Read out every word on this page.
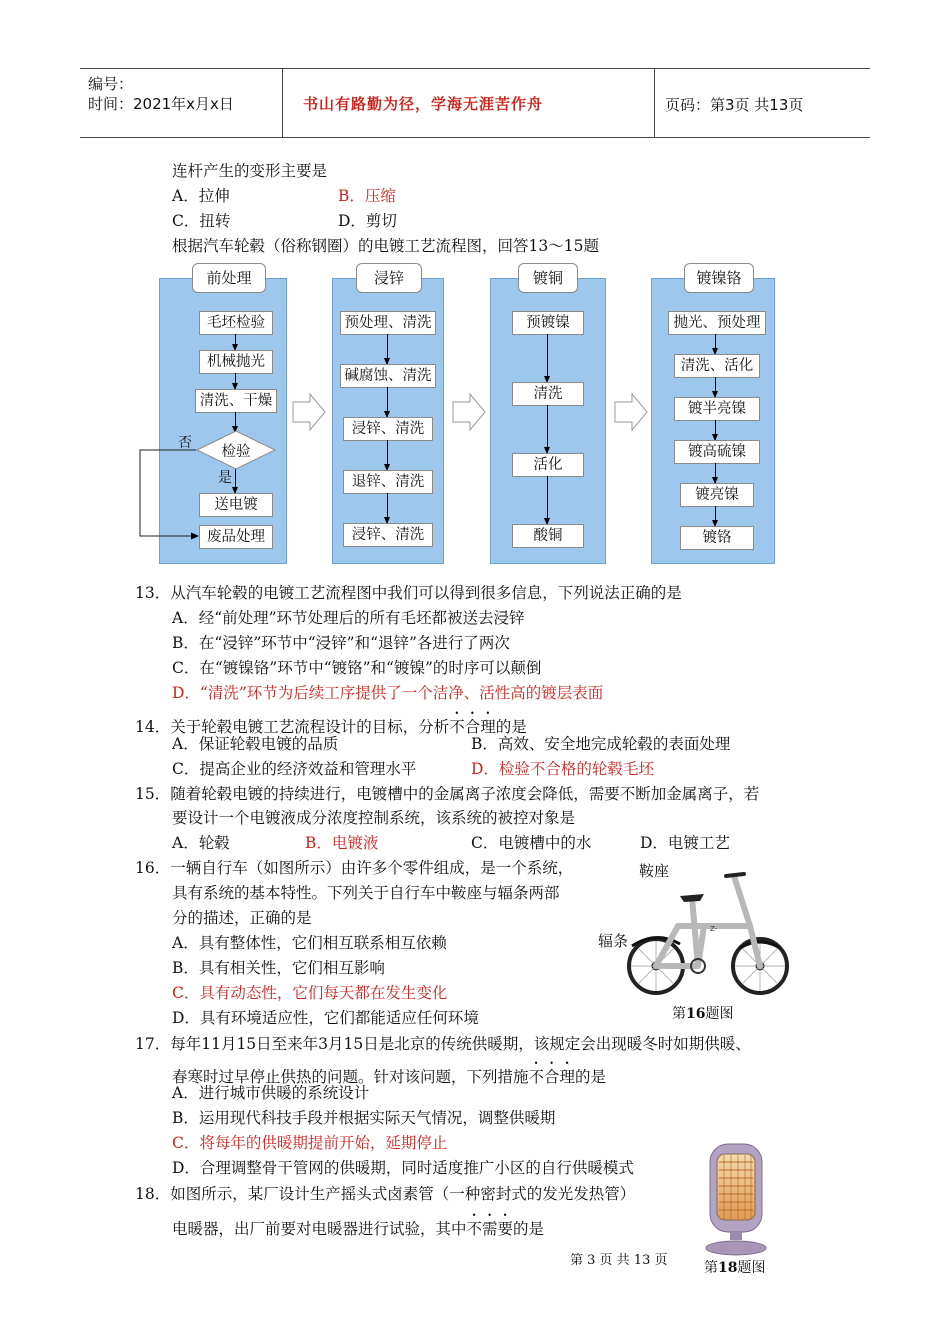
编号：
时间：2021年x月x日	书山有路勤为径，学海无涯苦作舟	页码：第3页 共13页
连杆产生的变形主要是
A．拉伸	B．压缩
C．扭转	D．剪切
根据汽车轮毂（俗称钢圈）的电镀工艺流程图，回答13～15题
前处理
毛坯检验
机械抛光
清洗、干燥
检验
是
否
送电镀
废品处理
浸锌
预处理、清洗
碱腐蚀、清洗
浸锌、清洗
退锌、清洗
浸锌、清洗
镀铜
预镀镍
清洗
活化
酸铜
镀镍铬
抛光、预处理
清洗、活化
镀半亮镍
镀高硫镍
镀亮镍
镀铬
13．从汽车轮毂的电镀工艺流程图中我们可以得到很多信息，下列说法正确的是
A．经“前处理”环节处理后的所有毛坯都被送去浸锌
B．在“浸锌”环节中“浸锌”和“退锌”各进行了两次
C．在“镀镍铬”环节中“镀铬”和“镀镍”的时序可以颠倒
D．“清洗”环节为后续工序提供了一个洁净、活性高的镀层表面
14．关于轮毂电镀工艺流程设计的目标，分析不合理的是
A．保证轮毂电镀的品质	B．高效、安全地完成轮毂的表面处理
C．提高企业的经济效益和管理水平	D．检验不合格的轮毂毛坯
15．随着轮毂电镀的持续进行，电镀槽中的金属离子浓度会降低，需要不断加金属离子，若
要设计一个电镀液成分浓度控制系统，该系统的被控对象是
A．轮毂	B．电镀液	C．电镀槽中的水	D．电镀工艺
16．一辆自行车（如图所示）由许多个零件组成，是一个系统，
具有系统的基本特性。下列关于自行车中鞍座与辐条两部
分的描述，正确的是
A．具有整体性，它们相互联系相互依赖
B．具有相关性，它们相互影响
C．具有动态性，它们每天都在发生变化
D．具有环境适应性，它们都能适应任何环境
鞍座
辐条
Z-
第16题图
17．每年11月15日至来年3月15日是北京的传统供暖期，该规定会出现暖冬时如期供暖、
春寒时过早停止供热的问题。针对该问题，下列措施不合理的是
A．进行城市供暖的系统设计
B．运用现代科技手段并根据实际天气情况，调整供暖期
C．将每年的供暖期提前开始，延期停止
D．合理调整骨干管网的供暖期，同时适度推广小区的自行供暖模式
18．如图所示，某厂设计生产摇头式卤素管（一种密封式的发光发热管）
电暖器，出厂前要对电暖器进行试验，其中不需要的是
第18题图
第 3 页 共 13 页
